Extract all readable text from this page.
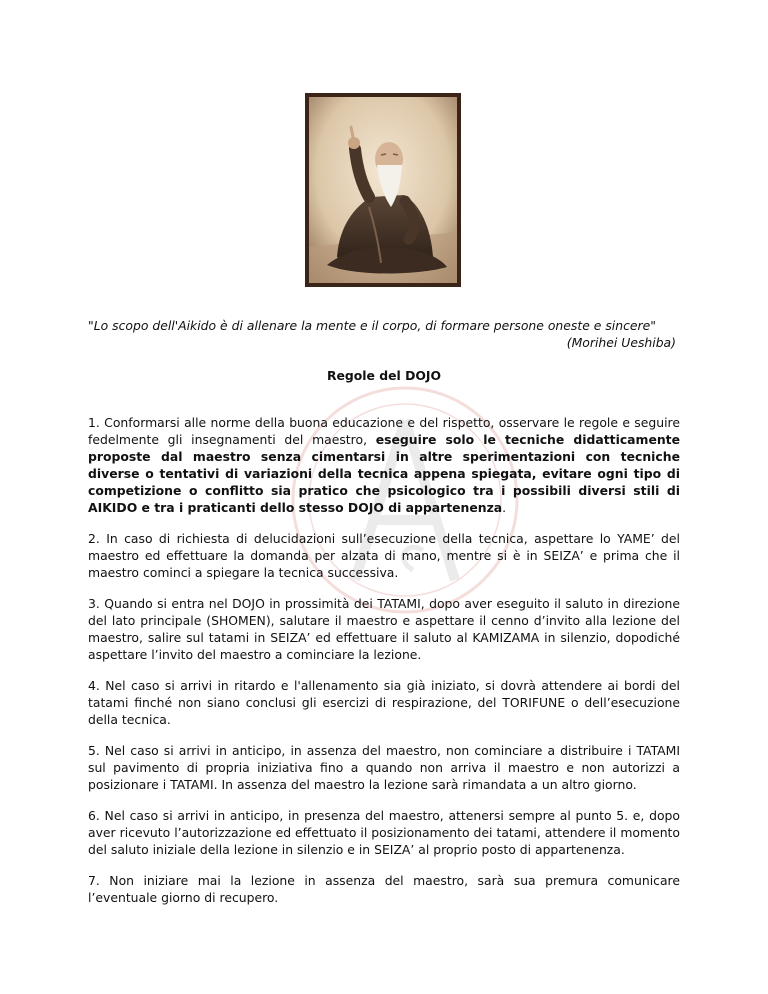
"Lo scopo dell'Aikido è di allenare la mente e il corpo, di formare persone oneste e sincere"
(Morihei Ueshiba)
Regole del DOJO

1. Conformarsi alle norme della buona educazione e del rispetto, osservare le regole e seguire fedelmente gli insegnamenti del maestro, eseguire solo le tecniche didatticamente proposte dal maestro senza cimentarsi in altre sperimentazioni con tecniche diverse o tentativi di variazioni della tecnica appena spiegata, evitare ogni tipo di competizione o conflitto sia pratico che psicologico tra i possibili diversi stili di AIKIDO e tra i praticanti dello stesso DOJO di appartenenza.

2. In caso di richiesta di delucidazioni sull’esecuzione della tecnica, aspettare lo YAME’ del maestro ed effettuare la domanda per alzata di mano, mentre si è in SEIZA’ e prima che il maestro cominci a spiegare la tecnica successiva.

3. Quando si entra nel DOJO in prossimità dei TATAMI, dopo aver eseguito il saluto in direzione del lato principale (SHOMEN), salutare il maestro e aspettare il cenno d’invito alla lezione del maestro, salire sul tatami in SEIZA’ ed effettuare il saluto al KAMIZAMA in silenzio, dopodiché aspettare l’invito del maestro a cominciare la lezione.

4. Nel caso si arrivi in ritardo e l'allenamento sia già iniziato, si dovrà attendere ai bordi del tatami finché non siano conclusi gli esercizi di respirazione, del TORIFUNE o dell’esecuzione della tecnica.

5. Nel caso si arrivi in anticipo, in assenza del maestro, non cominciare a distribuire i TATAMI sul pavimento di propria iniziativa fino a quando non arriva il maestro e non autorizzi a posizionare i TATAMI. In assenza del maestro la lezione sarà rimandata a un altro giorno.

6. Nel caso si arrivi in anticipo, in presenza del maestro, attenersi sempre al punto 5. e, dopo aver ricevuto l’autorizzazione ed effettuato il posizionamento dei tatami, attendere il momento del saluto iniziale della lezione in silenzio e in SEIZA’ al proprio posto di appartenenza.

7. Non iniziare mai la lezione in assenza del maestro, sarà sua premura comunicare l’eventuale giorno di recupero.
